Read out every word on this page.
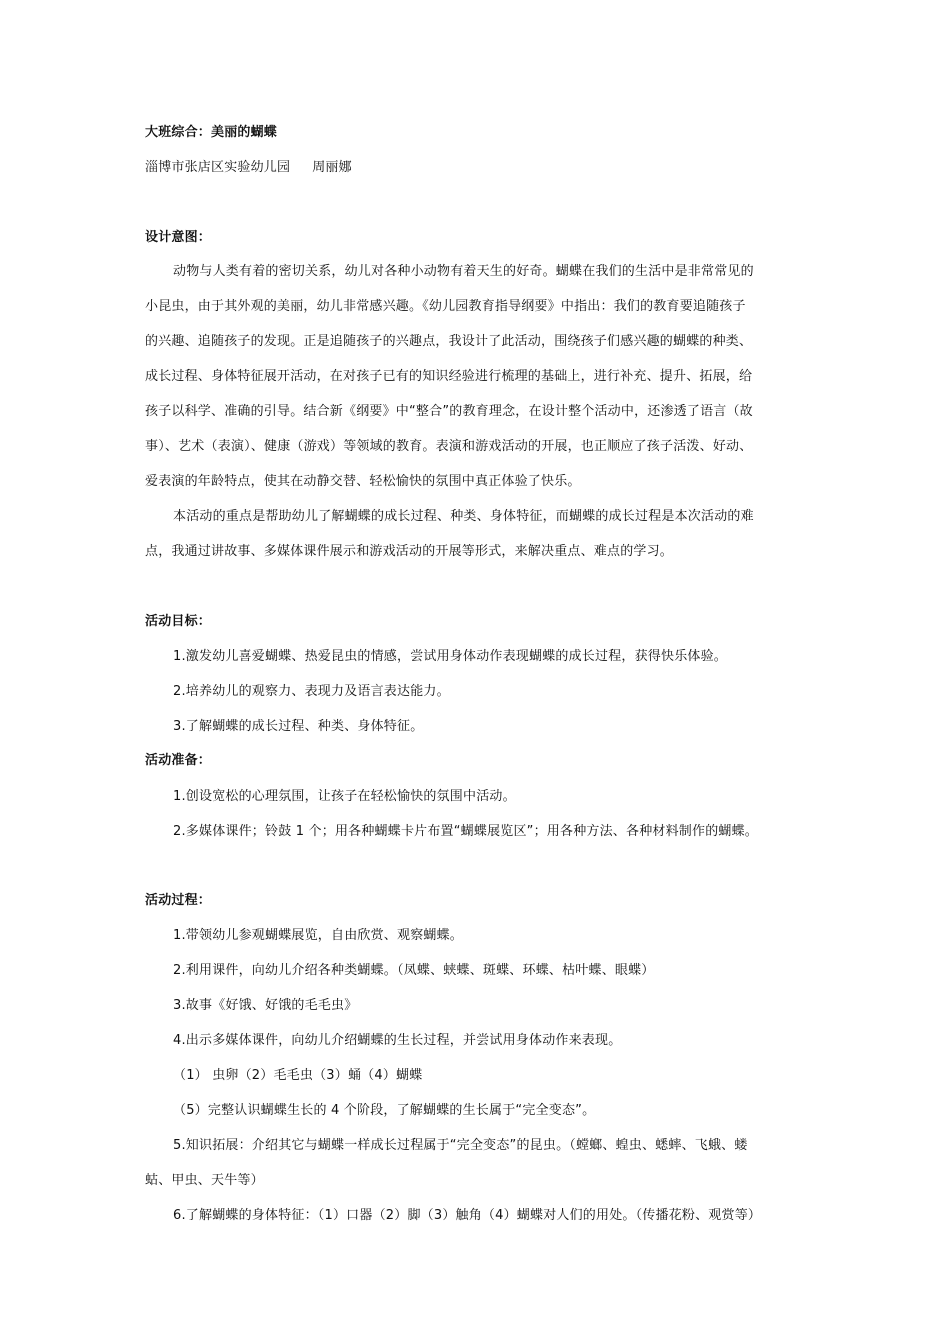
大班综合：美丽的蝴蝶
淄博市张店区实验幼儿园 周丽娜
设计意图：
动物与人类有着的密切关系，幼儿对各种小动物有着天生的好奇。蝴蝶在我们的生活中是非常常见的
小昆虫，由于其外观的美丽，幼儿非常感兴趣。《幼儿园教育指导纲要》中指出：我们的教育要追随孩子
的兴趣、追随孩子的发现。正是追随孩子的兴趣点，我设计了此活动，围绕孩子们感兴趣的蝴蝶的种类、
成长过程、身体特征展开活动，在对孩子已有的知识经验进行梳理的基础上，进行补充、提升、拓展，给
孩子以科学、准确的引导。结合新《纲要》中“整合”的教育理念，在设计整个活动中，还渗透了语言（故
事）、艺术（表演）、健康（游戏）等领域的教育。表演和游戏活动的开展，也正顺应了孩子活泼、好动、
爱表演的年龄特点，使其在动静交替、轻松愉快的氛围中真正体验了快乐。
本活动的重点是帮助幼儿了解蝴蝶的成长过程、种类、身体特征，而蝴蝶的成长过程是本次活动的难
点，我通过讲故事、多媒体课件展示和游戏活动的开展等形式，来解决重点、难点的学习。
活动目标：
1.激发幼儿喜爱蝴蝶、热爱昆虫的情感，尝试用身体动作表现蝴蝶的成长过程，获得快乐体验。
2.培养幼儿的观察力、表现力及语言表达能力。
3.了解蝴蝶的成长过程、种类、身体特征。
活动准备：
1.创设宽松的心理氛围，让孩子在轻松愉快的氛围中活动。
2.多媒体课件；铃鼓 1 个；用各种蝴蝶卡片布置“蝴蝶展览区”；用各种方法、各种材料制作的蝴蝶。
活动过程：
1.带领幼儿参观蝴蝶展览，自由欣赏、观察蝴蝶。
2.利用课件，向幼儿介绍各种类蝴蝶。（凤蝶、蛱蝶、斑蝶、环蝶、枯叶蝶、眼蝶）
3.故事《好饿、好饿的毛毛虫》
4.出示多媒体课件，向幼儿介绍蝴蝶的生长过程，并尝试用身体动作来表现。
（1） 虫卵（2）毛毛虫（3）蛹（4）蝴蝶
（5）完整认识蝴蝶生长的 4 个阶段，了解蝴蝶的生长属于“完全变态”。
5.知识拓展：介绍其它与蝴蝶一样成长过程属于“完全变态”的昆虫。（螳螂、蝗虫、蟋蟀、飞蛾、蝼
蛄、甲虫、天牛等）
6.了解蝴蝶的身体特征：（1）口器（2）脚（3）触角（4）蝴蝶对人们的用处。（传播花粉、观赏等）
